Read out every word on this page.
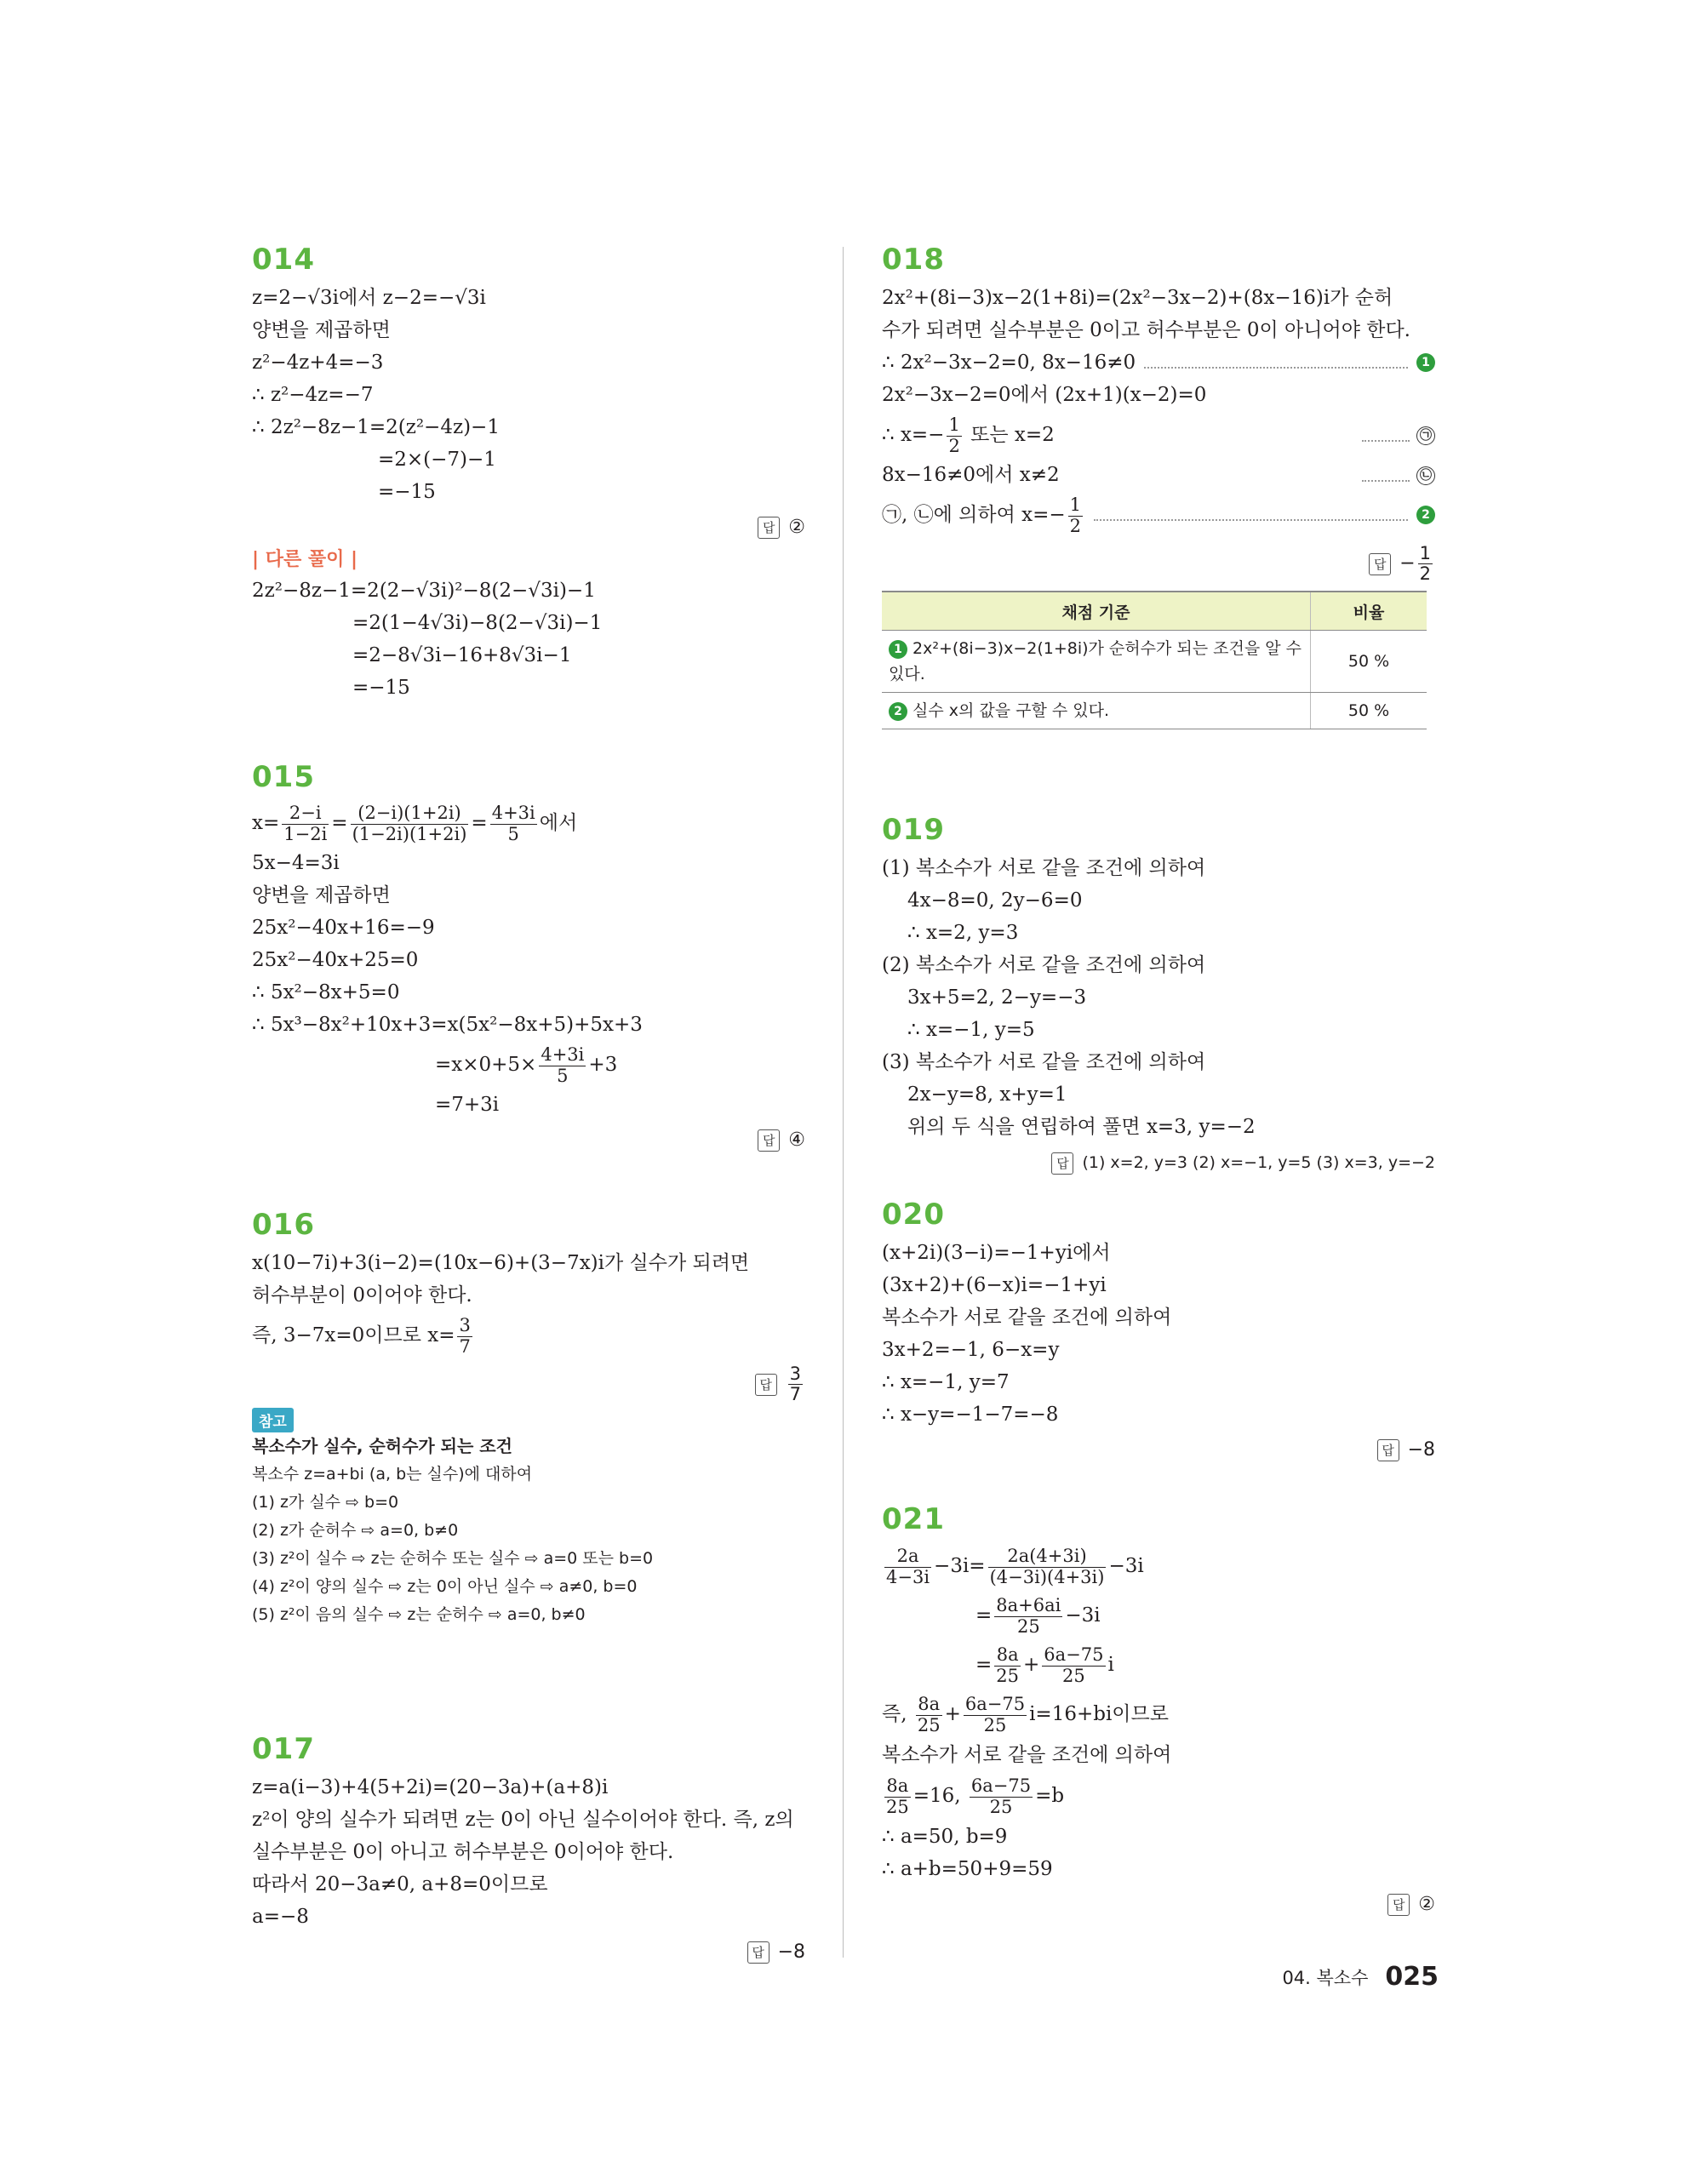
014
z=2−√3i에서 z−2=−√3i
양변을 제곱하면
z²−4z+4=−3
∴ z²−4z=−7
∴ 2z²−8z−1=2(z²−4z)−1
=2×(−7)−1
=−15
답 ②
| 다른 풀이 |
2z²−8z−1=2(2−√3i)²−8(2−√3i)−1
=2(1−4√3i)−8(2−√3i)−1
=2−8√3i−16+8√3i−1
=−15
015
$x= \frac{2-i}{1-2i} = \frac{(2-i)(1+2i)}{(1-2i)(1+2i)} = \frac{4+3i}{5}$ 에서
5x−4=3i
양변을 제곱하면
25x²−40x+16=−9
25x²−40x+25=0
∴ 5x²−8x+5=0
∴ 5x³−8x²+10x+3=x(5x²−8x+5)+5x+3
$=x\times 0+5\times \frac{4+3i}{5} +3$
=7+3i
답 ④
016
x(10−7i)+3(i−2)=(10x−6)+(3−7x)i가 실수가 되려면
허수부분이 0이어야 한다.
즉, 3−7x=0이므로 $x= \frac{3}{7}$
답 $\frac{3}{7}$
참고
복소수가 실수, 순허수가 되는 조건
복소수 z=a+bi (a, b는 실수)에 대하여
(1) z가 실수 ⇨ b=0
(2) z가 순허수 ⇨ a=0, b≠0
(3) z²이 실수 ⇨ z는 순허수 또는 실수 ⇨ a=0 또는 b=0
(4) z²이 양의 실수 ⇨ z는 0이 아닌 실수 ⇨ a≠0, b=0
(5) z²이 음의 실수 ⇨ z는 순허수 ⇨ a=0, b≠0
017
z=a(i−3)+4(5+2i)=(20−3a)+(a+8)i
z²이 양의 실수가 되려면 z는 0이 아닌 실수이어야 한다. 즉, z의
실수부분은 0이 아니고 허수부분은 0이어야 한다.
따라서 20−3a≠0, a+8=0이므로
a=−8
답 −8
018
2x²+(8i−3)x−2(1+8i)=(2x²−3x−2)+(8x−16)i가 순허
수가 되려면 실수부분은 0이고 허수부분은 0이 아니어야 한다.
∴ 2x²−3x−2=0, 8x−16≠0	1
2x²−3x−2=0에서 (2x+1)(x−2)=0
∴ $x=- \frac{1}{2}$ 또는 x=2	㉠
8x−16≠0에서 x≠2	㉡
㉠, ㉡에 의하여 $x=- \frac{1}{2}$	2
답 − $\frac{1}{2}$
채점 기준	비율
1 2x²+(8i−3)x−2(1+8i)가 순허수가 되는 조건을 알 수 있다.	50 %
2 실수 x의 값을 구할 수 있다.	50 %
019
(1) 복소수가 서로 같을 조건에 의하여
4x−8=0, 2y−6=0
∴ x=2, y=3
(2) 복소수가 서로 같을 조건에 의하여
3x+5=2, 2−y=−3
∴ x=−1, y=5
(3) 복소수가 서로 같을 조건에 의하여
2x−y=8, x+y=1
위의 두 식을 연립하여 풀면 x=3, y=−2
답 (1) x=2, y=3 (2) x=−1, y=5 (3) x=3, y=−2
020
(x+2i)(3−i)=−1+yi에서
(3x+2)+(6−x)i=−1+yi
복소수가 서로 같을 조건에 의하여
3x+2=−1, 6−x=y
∴ x=−1, y=7
∴ x−y=−1−7=−8
답 −8
021
$\frac{2a}{4-3i} -3i= \frac{2a(4+3i)}{(4-3i)(4+3i)} -3i$
= $\frac{8a+6ai}{25} -3i$
= $\frac{8a}{25} + \frac{6a-75}{25}$ i
즉, $\frac{8a}{25} + \frac{6a-75}{25} i=16+bi$이므로
복소수가 서로 같을 조건에 의하여
$\frac{8a}{25} =16$, $\frac{6a-75}{25} =b$
∴ a=50, b=9
∴ a+b=50+9=59
답 ②
04. 복소수 025
